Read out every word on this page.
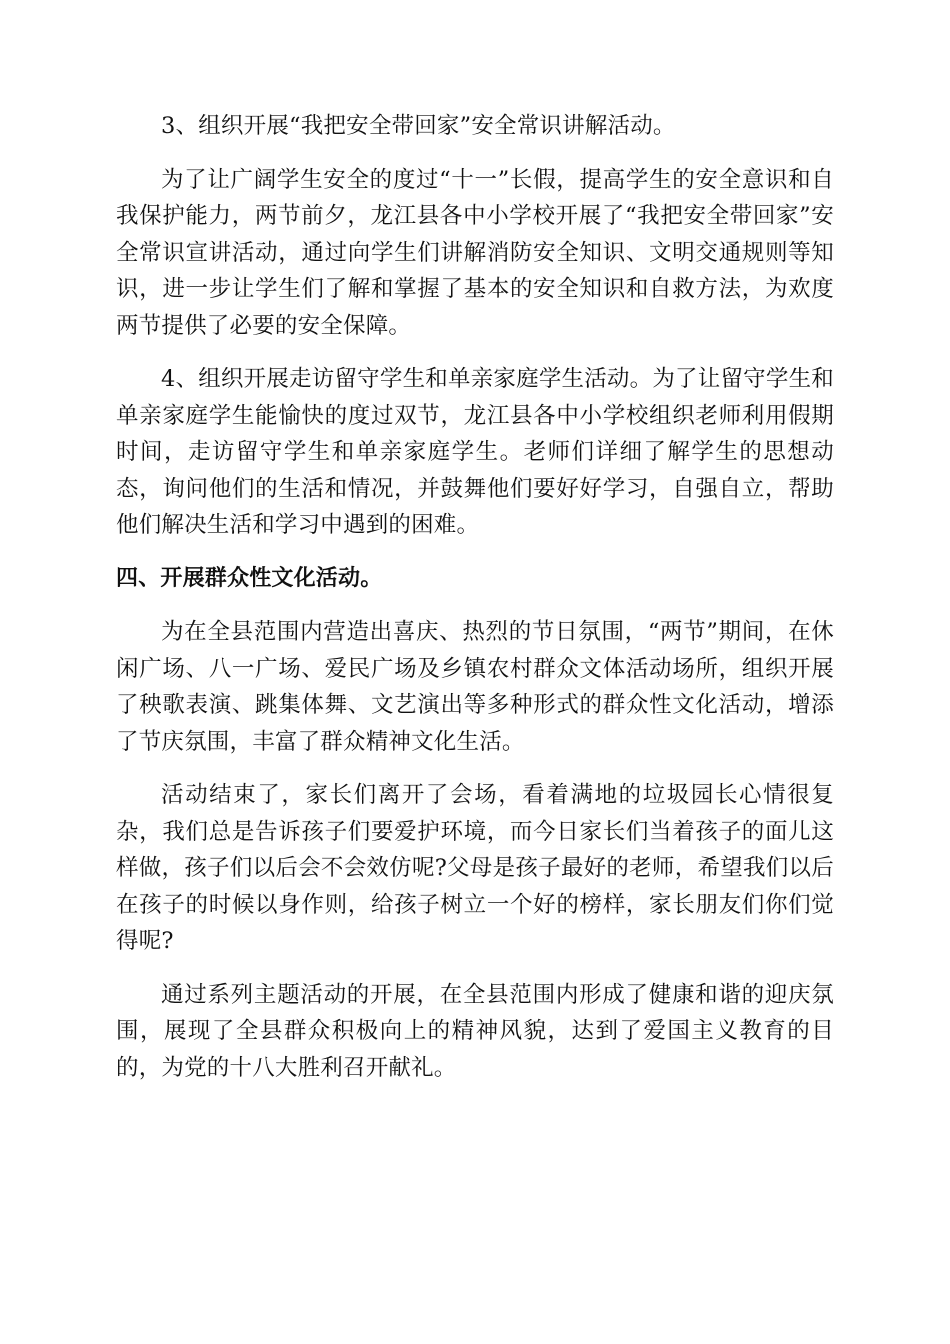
3、组织开展“我把安全带回家”安全常识讲解活动。

为了让广阔学生安全的度过“十一”长假，提高学生的安全意识和自我保护能力，两节前夕，龙江县各中小学校开展了“我把安全带回家”安全常识宣讲活动，通过向学生们讲解消防安全知识、文明交通规则等知识，进一步让学生们了解和掌握了基本的安全知识和自救方法，为欢度两节提供了必要的安全保障。

4、组织开展走访留守学生和单亲家庭学生活动。为了让留守学生和单亲家庭学生能愉快的度过双节，龙江县各中小学校组织老师利用假期时间，走访留守学生和单亲家庭学生。老师们详细了解学生的思想动态，询问他们的生活和情况，并鼓舞他们要好好学习，自强自立，帮助他们解决生活和学习中遇到的困难。

四、开展群众性文化活动。

为在全县范围内营造出喜庆、热烈的节日氛围，“两节”期间，在休闲广场、八一广场、爱民广场及乡镇农村群众文体活动场所，组织开展了秧歌表演、跳集体舞、文艺演出等多种形式的群众性文化活动，增添了节庆氛围，丰富了群众精神文化生活。

活动结束了，家长们离开了会场，看着满地的垃圾园长心情很复杂，我们总是告诉孩子们要爱护环境，而今日家长们当着孩子的面儿这样做，孩子们以后会不会效仿呢?父母是孩子最好的老师，希望我们以后在孩子的时候以身作则，给孩子树立一个好的榜样，家长朋友们你们觉得呢?

通过系列主题活动的开展，在全县范围内形成了健康和谐的迎庆氛围，展现了全县群众积极向上的精神风貌，达到了爱国主义教育的目的，为党的十八大胜利召开献礼。
